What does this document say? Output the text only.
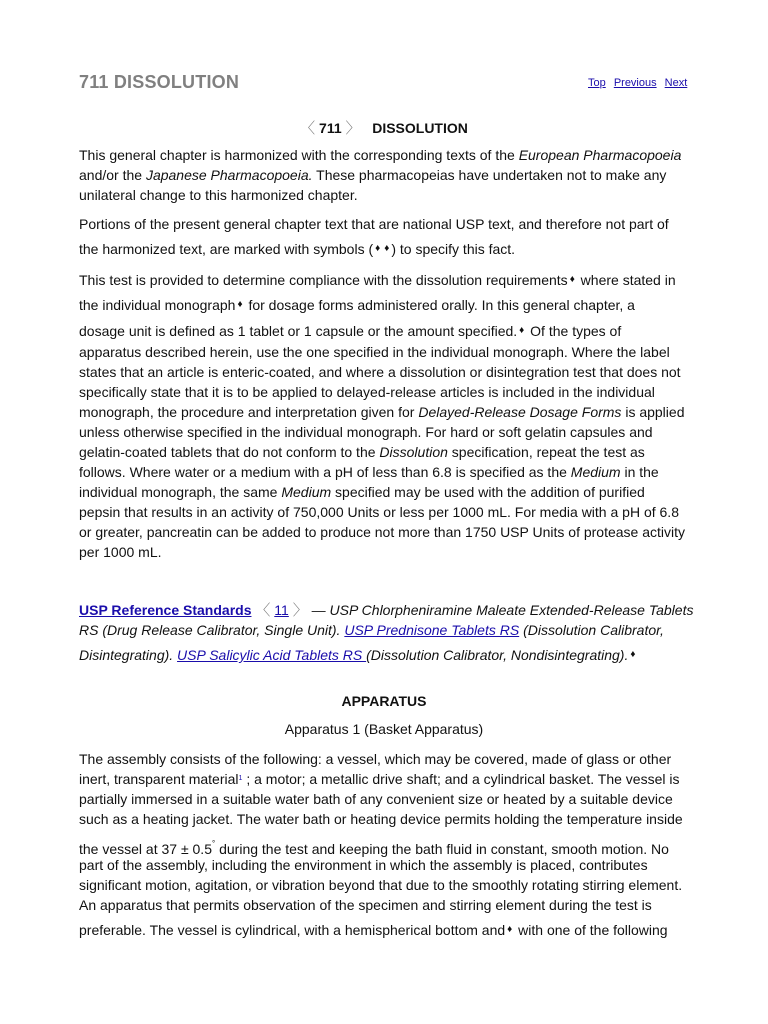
711 DISSOLUTION	Top Previous Next
〈 711 〉 DISSOLUTION
This general chapter is harmonized with the corresponding texts of the European Pharmacopoeia
and/or the Japanese Pharmacopoeia. These pharmacopeias have undertaken not to make any
unilateral change to this harmonized chapter.
Portions of the present general chapter text that are national USP text, and therefore not part of
the harmonized text, are marked with symbols ( ♦ ♦ ) to specify this fact.
This test is provided to determine compliance with the dissolution requirements ♦ where stated in
the individual monograph ♦ for dosage forms administered orally. In this general chapter, a
dosage unit is defined as 1 tablet or 1 capsule or the amount specified. ♦ Of the types of
apparatus described herein, use the one specified in the individual monograph. Where the label
states that an article is enteric-coated, and where a dissolution or disintegration test that does not
specifically state that it is to be applied to delayed-release articles is included in the individual
monograph, the procedure and interpretation given for Delayed-Release Dosage Forms is applied
unless otherwise specified in the individual monograph. For hard or soft gelatin capsules and
gelatin-coated tablets that do not conform to the Dissolution specification, repeat the test as
follows. Where water or a medium with a pH of less than 6.8 is specified as the Medium in the
individual monograph, the same Medium specified may be used with the addition of purified
pepsin that results in an activity of 750,000 Units or less per 1000 mL. For media with a pH of 6.8
or greater, pancreatin can be added to produce not more than 1750 USP Units of protease activity
per 1000 mL.
USP Reference Standards 〈 11 〉 — USP Chlorpheniramine Maleate Extended-Release Tablets
RS (Drug Release Calibrator, Single Unit). USP Prednisone Tablets RS (Dissolution Calibrator,
Disintegrating). USP Salicylic Acid Tablets RS (Dissolution Calibrator, Nondisintegrating). ♦
APPARATUS
Apparatus 1 (Basket Apparatus)
The assembly consists of the following: a vessel, which may be covered, made of glass or other
inert, transparent material$^1$ ; a motor; a metallic drive shaft; and a cylindrical basket. The vessel is
partially immersed in a suitable water bath of any convenient size or heated by a suitable device
such as a heating jacket. The water bath or heating device permits holding the temperature inside
the vessel at 37 ± 0.5° during the test and keeping the bath fluid in constant, smooth motion. No
part of the assembly, including the environment in which the assembly is placed, contributes
significant motion, agitation, or vibration beyond that due to the smoothly rotating stirring element.
An apparatus that permits observation of the specimen and stirring element during the test is
preferable. The vessel is cylindrical, with a hemispherical bottom and ♦ with one of the following
